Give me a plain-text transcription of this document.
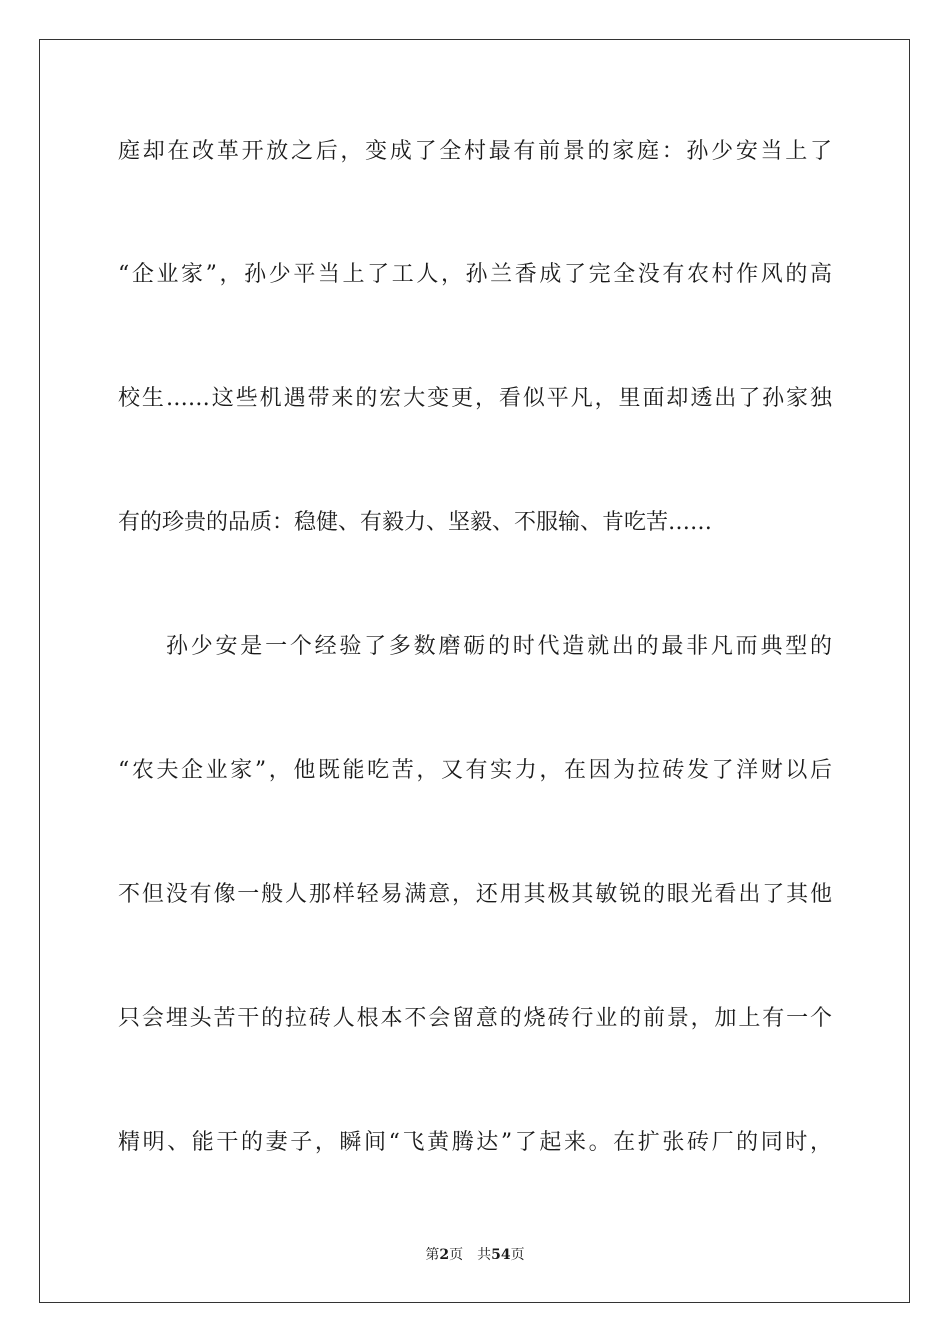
庭却在改革开放之后，变成了全村最有前景的家庭：孙少安当上了
“企业家”，孙少平当上了工人，孙兰香成了完全没有农村作风的高
校生……这些机遇带来的宏大变更，看似平凡，里面却透出了孙家独
有的珍贵的品质：稳健、有毅力、坚毅、不服输、肯吃苦……
孙少安是一个经验了多数磨砺的时代造就出的最非凡而典型的
“农夫企业家”，他既能吃苦，又有实力，在因为拉砖发了洋财以后
不但没有像一般人那样轻易满意，还用其极其敏锐的眼光看出了其他
只会埋头苦干的拉砖人根本不会留意的烧砖行业的前景，加上有一个
精明、能干的妻子，瞬间“飞黄腾达”了起来。在扩张砖厂的同时，
第2页 共54页
